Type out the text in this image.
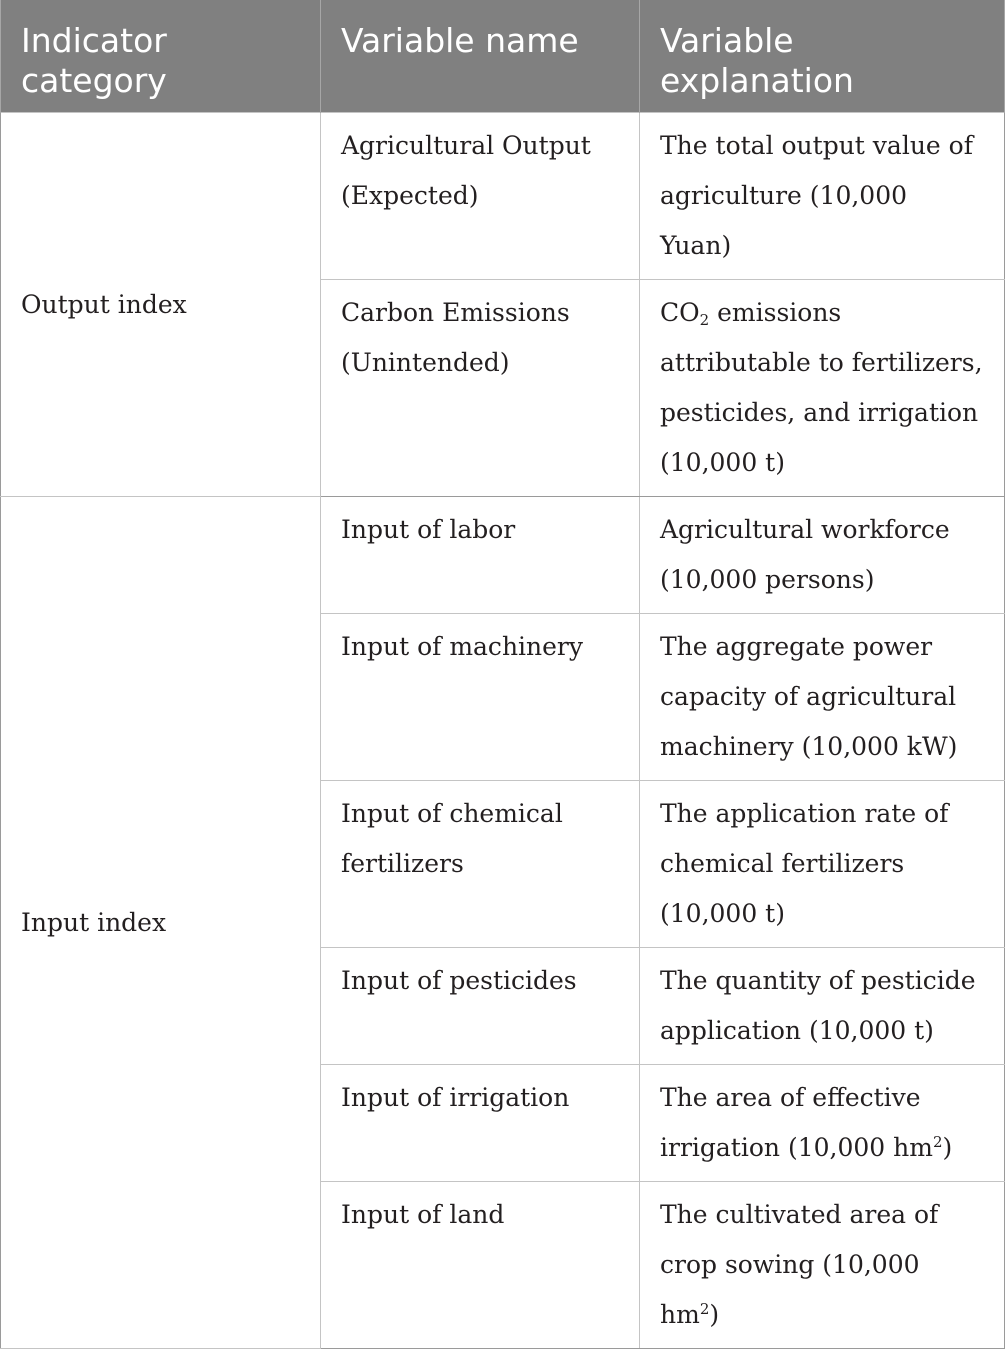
Indicator category	Variable name	Variable explanation
Output index	Agricultural Output (Expected)	The total output value of agriculture (10,000 Yuan)
	Carbon Emissions (Unintended)	$CO_2$ emissions attributable to fertilizers, pesticides, and irrigation (10,000 t)
Input index	Input of labor	Agricultural workforce (10,000 persons)
	Input of machinery	The aggregate power capacity of agricultural machinery (10,000 kW)
	Input of chemical fertilizers	The application rate of chemical fertilizers (10,000 t)
	Input of pesticides	The quantity of pesticide application (10,000 t)
	Input of irrigation	The area of effective irrigation (10,000 $hm^2$)
	Input of land	The cultivated area of crop sowing (10,000 $hm^2$)
